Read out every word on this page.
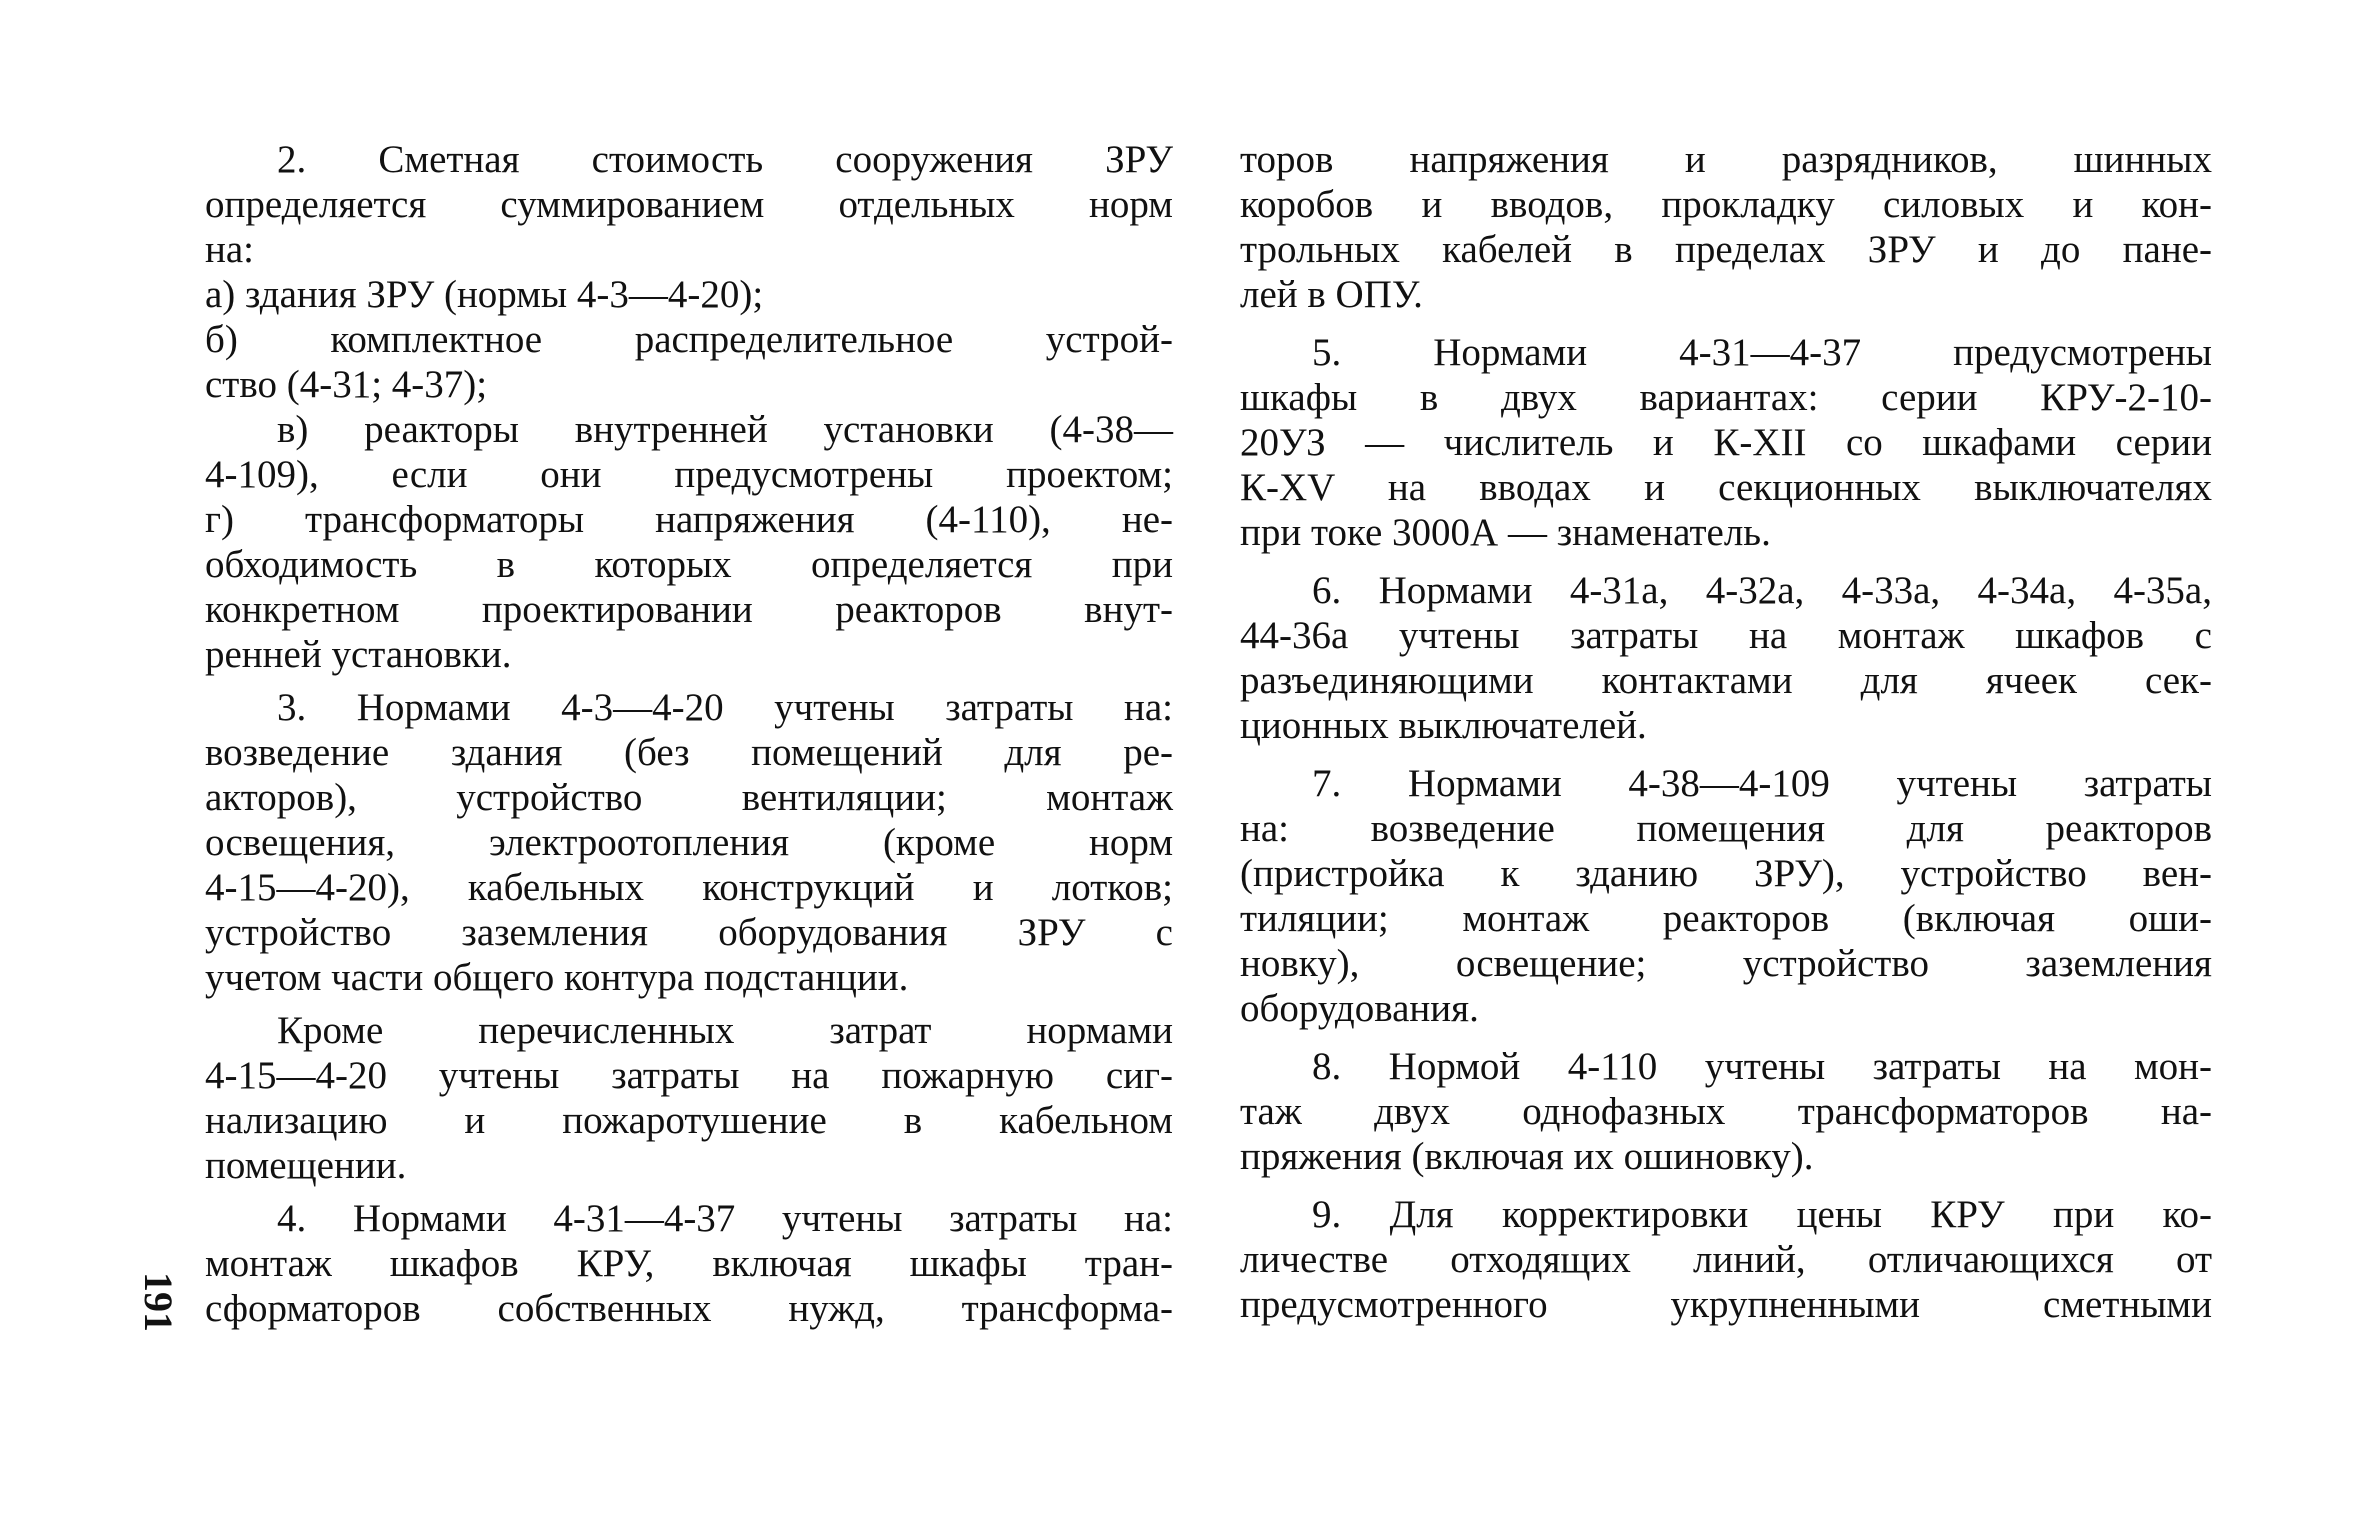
2. Сметная стоимость сооружения ЗРУ
определяется суммированием отдельных норм
на:
а) здания ЗРУ (нормы 4-3—4-20);
б) комплектное распределительное устрой-
ство (4-31; 4-37);
в) реакторы внутренней установки (4-38—
4-109), если они предусмотрены проектом;
г) трансформаторы напряжения (4-110), не-
обходимость в которых определяется при
конкретном проектировании реакторов внут-
ренней установки.
3. Нормами 4-3—4-20 учтены затраты на:
возведение здания (без помещений для ре-
акторов), устройство вентиляции; монтаж
освещения, электроотопления (кроме норм
4-15—4-20), кабельных конструкций и лотков;
устройство заземления оборудования ЗРУ с
учетом части общего контура подстанции.
Кроме перечисленных затрат нормами
4-15—4-20 учтены затраты на пожарную сиг-
нализацию и пожаротушение в кабельном
помещении.
4. Нормами 4-31—4-37 учтены затраты на:
монтаж шкафов КРУ, включая шкафы тран-
сформаторов собственных нужд, трансформа-
торов напряжения и разрядников, шинных
коробов и вводов, прокладку силовых и кон-
трольных кабелей в пределах ЗРУ и до пане-
лей в ОПУ.
5. Нормами 4-31—4-37 предусмотрены
шкафы в двух вариантах: серии КРУ-2-10-
20УЗ — числитель и К-XII со шкафами серии
К-XV на вводах и секционных выключателях
при токе 3000А — знаменатель.
6. Нормами 4-31а, 4-32а, 4-33а, 4-34а, 4-35а,
44-36а учтены затраты на монтаж шкафов с
разъединяющими контактами для ячеек сек-
ционных выключателей.
7. Нормами 4-38—4-109 учтены затраты
на: возведение помещения для реакторов
(пристройка к зданию ЗРУ), устройство вен-
тиляции; монтаж реакторов (включая оши-
новку), освещение; устройство заземления
оборудования.
8. Нормой 4-110 учтены затраты на мон-
таж двух однофазных трансформаторов на-
пряжения (включая их ошиновку).
9. Для корректировки цены КРУ при ко-
личестве отходящих линий, отличающихся от
предусмотренного укрупненными сметными
191
